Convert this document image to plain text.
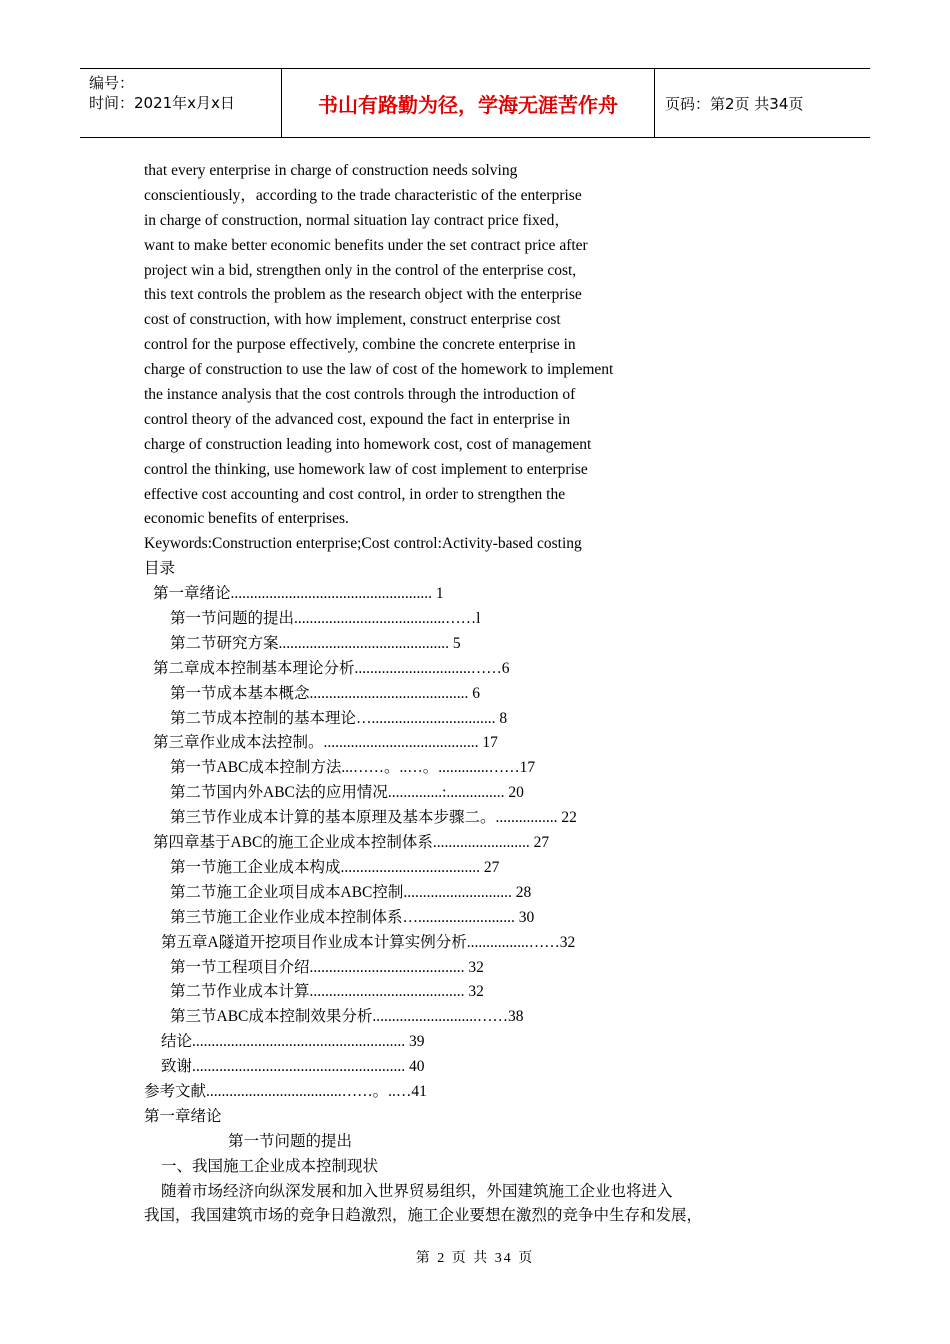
编号：
时间：2021年x月x日	书山有路勤为径，学海无涯苦作舟	页码：第2页 共34页
that every enterprise in charge of construction needs solving
conscientiously，according to the trade characteristic of the enterprise
in charge of construction, normal situation lay contract price fixed，
want to make better economic benefits under the set contract price after
project win a bid, strengthen only in the control of the enterprise cost,
this text controls the problem as the research object with the enterprise
cost of construction, with how implement, construct enterprise cost
control for the purpose effectively, combine the concrete enterprise in
charge of construction to use the law of cost of the homework to implement
the instance analysis that the cost controls through the introduction of
control theory of the advanced cost, expound the fact in enterprise in
charge of construction leading into homework cost, cost of management
control the thinking, use homework law of cost implement to enterprise
effective cost accounting and cost control, in order to strengthen the
economic benefits of enterprises.
Keywords:Construction enterprise;Cost control:Activity-based costing
目录
第一章绪论.................................................... 1
第一节问题的提出.......................................……l
第二节研究方案............................................ 5
第二章成本控制基本理论分析..............................……6
第一节成本基本概念......................................... 6
第二节成本控制的基本理论…................................ 8
第三章作业成本法控制。........................................ 17
第一节ABC成本控制方法...……。..…。.............……17
第二节国内外ABC法的应用情况..............:............... 20
第三节作业成本计算的基本原理及基本步骤二。................ 22
第四章基于ABC的施工企业成本控制体系......................... 27
第一节施工企业成本构成.................................... 27
第二节施工企业项目成本ABC控制............................ 28
第三节施工企业作业成本控制体系…......................... 30
第五章A隧道开挖项目作业成本计算实例分析................……32
第一节工程项目介绍........................................ 32
第二节作业成本计算........................................ 32
第三节ABC成本控制效果分析...........................……38
结论....................................................... 39
致谢....................................................... 40
参考文献...................................……。..…41
第一章绪论
第一节问题的提出
一、我国施工企业成本控制现状
随着市场经济向纵深发展和加入世界贸易组织，外国建筑施工企业也将进入
我国，我国建筑市场的竞争日趋激烈，施工企业要想在激烈的竞争中生存和发展，
第 2 页 共 34 页
